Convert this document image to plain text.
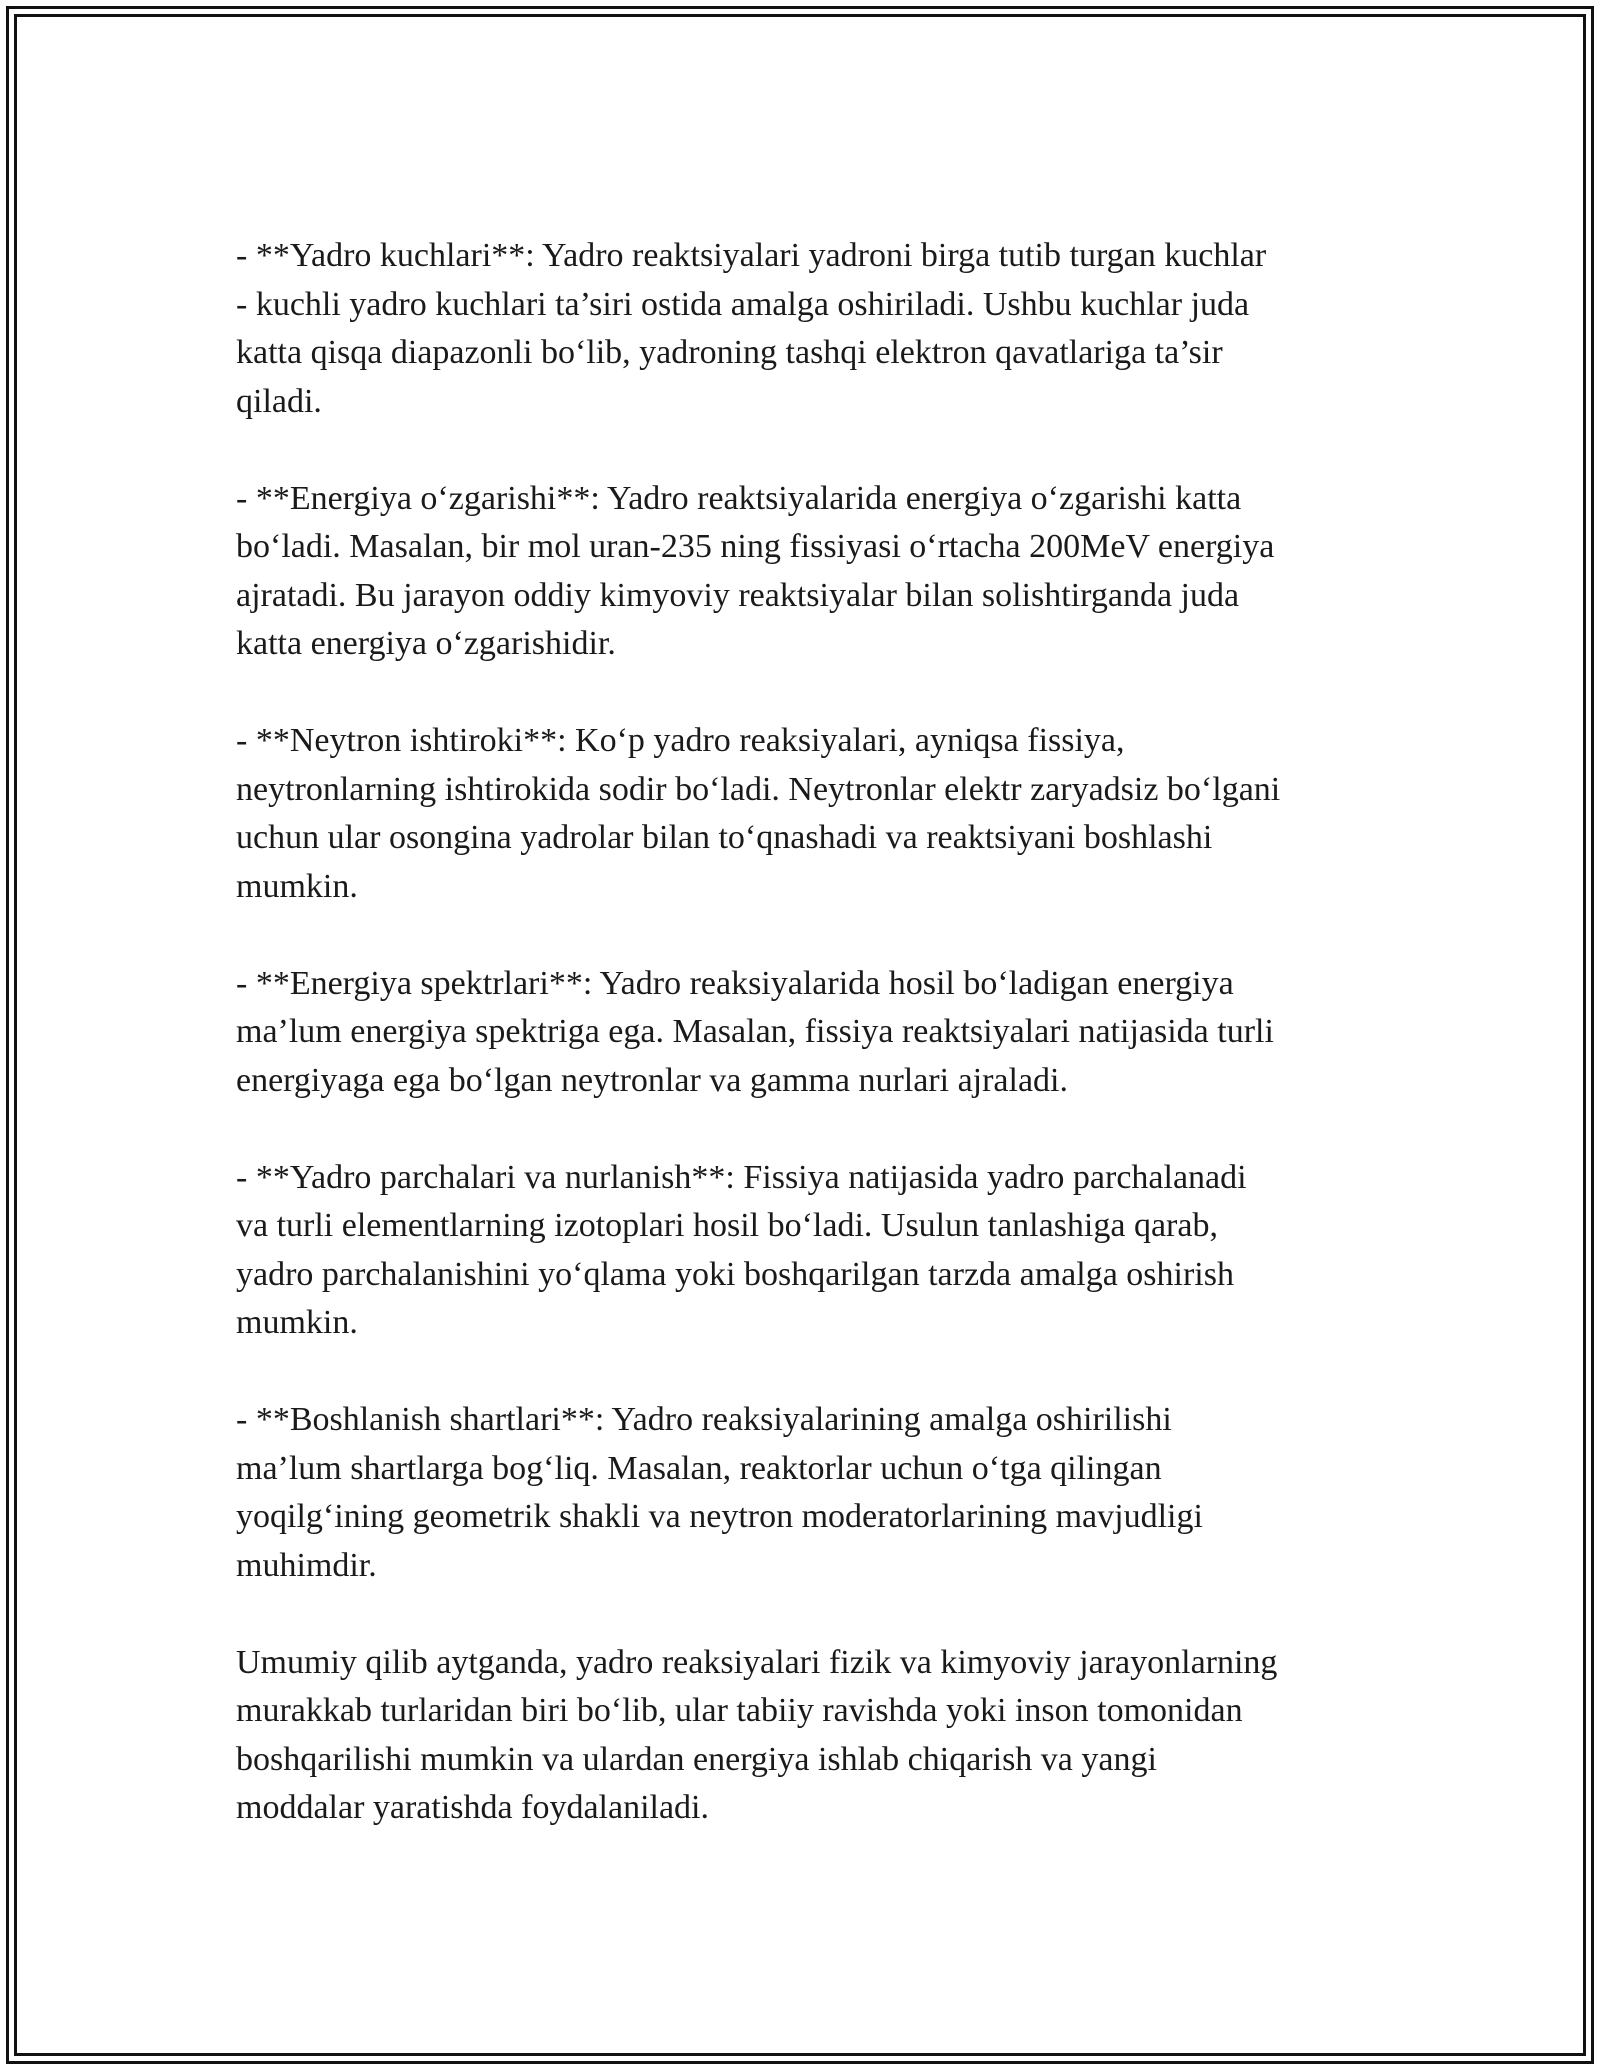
- **Yadro kuchlari**: Yadro reaktsiyalari yadroni birga tutib turgan kuchlar
- kuchli yadro kuchlari ta’siri ostida amalga oshiriladi. Ushbu kuchlar juda
katta qisqa diapazonli bo‘lib, yadroning tashqi elektron qavatlariga ta’sir
qiladi.

- **Energiya o‘zgarishi**: Yadro reaktsiyalarida energiya o‘zgarishi katta
bo‘ladi. Masalan, bir mol uran-235 ning fissiyasi o‘rtacha 200MeV energiya
ajratadi. Bu jarayon oddiy kimyoviy reaktsiyalar bilan solishtirganda juda
katta energiya o‘zgarishidir.

- **Neytron ishtiroki**: Ko‘p yadro reaksiyalari, ayniqsa fissiya,
neytronlarning ishtirokida sodir bo‘ladi. Neytronlar elektr zaryadsiz bo‘lgani
uchun ular osongina yadrolar bilan to‘qnashadi va reaktsiyani boshlashi
mumkin.

- **Energiya spektrlari**: Yadro reaksiyalarida hosil bo‘ladigan energiya
ma’lum energiya spektriga ega. Masalan, fissiya reaktsiyalari natijasida turli
energiyaga ega bo‘lgan neytronlar va gamma nurlari ajraladi.

- **Yadro parchalari va nurlanish**: Fissiya natijasida yadro parchalanadi
va turli elementlarning izotoplari hosil bo‘ladi. Usulun tanlashiga qarab,
yadro parchalanishini yo‘qlama yoki boshqarilgan tarzda amalga oshirish
mumkin.

- **Boshlanish shartlari**: Yadro reaksiyalarining amalga oshirilishi
ma’lum shartlarga bog‘liq. Masalan, reaktorlar uchun o‘tga qilingan
yoqilg‘ining geometrik shakli va neytron moderatorlarining mavjudligi
muhimdir.

Umumiy qilib aytganda, yadro reaksiyalari fizik va kimyoviy jarayonlarning
murakkab turlaridan biri bo‘lib, ular tabiiy ravishda yoki inson tomonidan
boshqarilishi mumkin va ulardan energiya ishlab chiqarish va yangi
moddalar yaratishda foydalaniladi.
